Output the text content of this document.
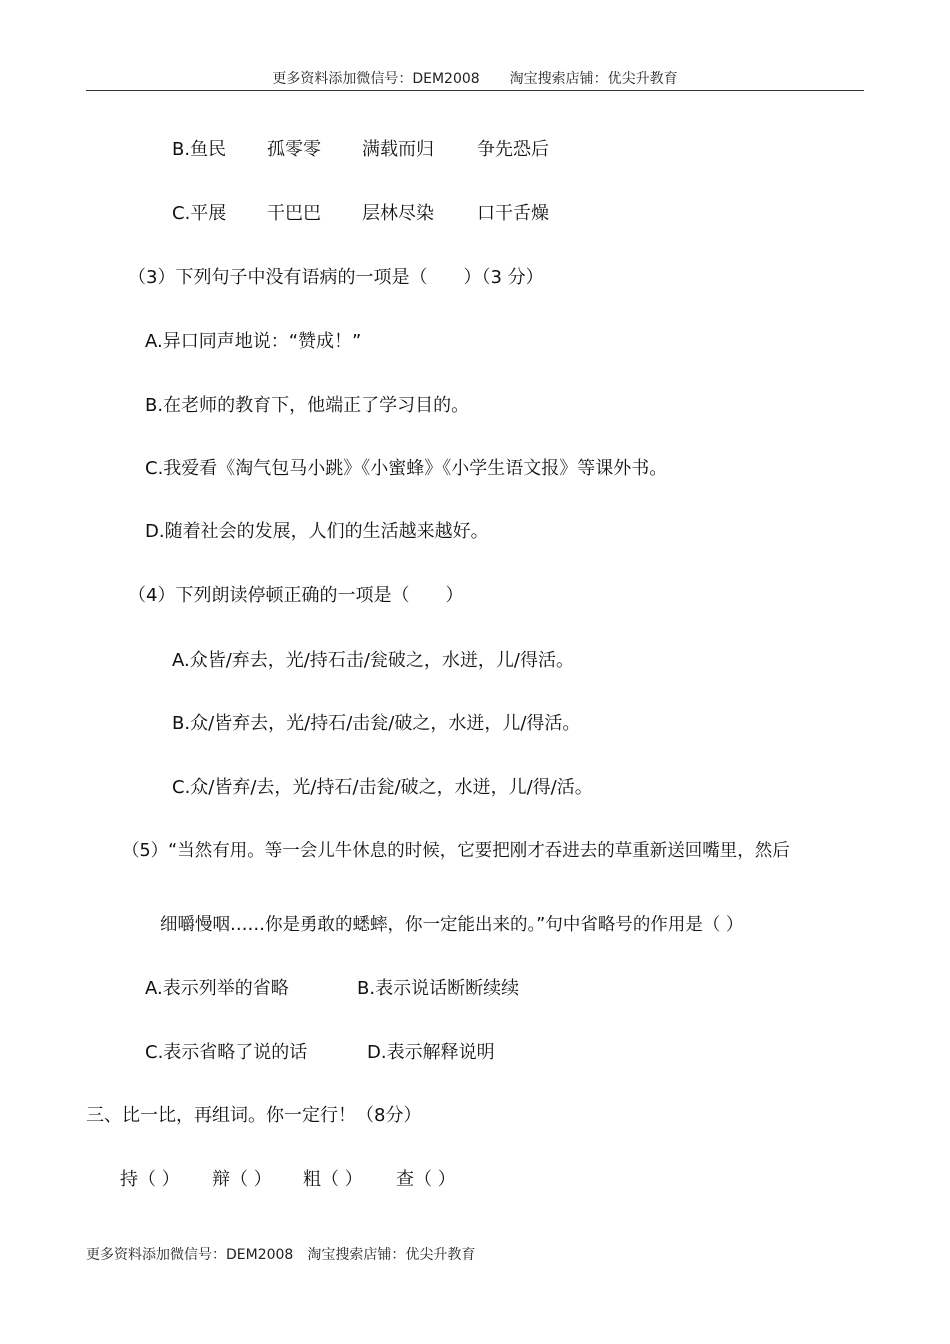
更多资料添加微信号：DEM2008 淘宝搜索店铺：优尖升教育
B.鱼民 孤零零 满载而归 争先恐后
C.平展 干巴巴 层林尽染 口干舌燥
（3）下列句子中没有语病的一项是（　　）（3 分）
A.异口同声地说：“赞成！”
B.在老师的教育下，他端正了学习目的。
C.我爱看《淘气包马小跳》《小蜜蜂》《小学生语文报》等课外书。
D.随着社会的发展，人们的生活越来越好。
（4）下列朗读停顿正确的一项是（　　）
A.众皆/弃去，光/持石击/瓮破之，水迸，儿/得活。
B.众/皆弃去，光/持石/击瓮/破之，水迸，儿/得活。
C.众/皆弃/去，光/持石/击瓮/破之，水迸，儿/得/活。
（5）“当然有用。等一会儿牛休息的时候，它要把刚才吞进去的草重新送回嘴里，然后
细嚼慢咽……你是勇敢的蟋蟀，你一定能出来的。”句中省略号的作用是（ ）
A.表示列举的省略	B.表示说话断断续续
C.表示省略了说的话	D.表示解释说明
三、比一比，再组词。你一定行！（8分）
持（ ） 辩（ ） 粗（ ） 查（ ）
更多资料添加微信号：DEM2008 淘宝搜索店铺：优尖升教育
